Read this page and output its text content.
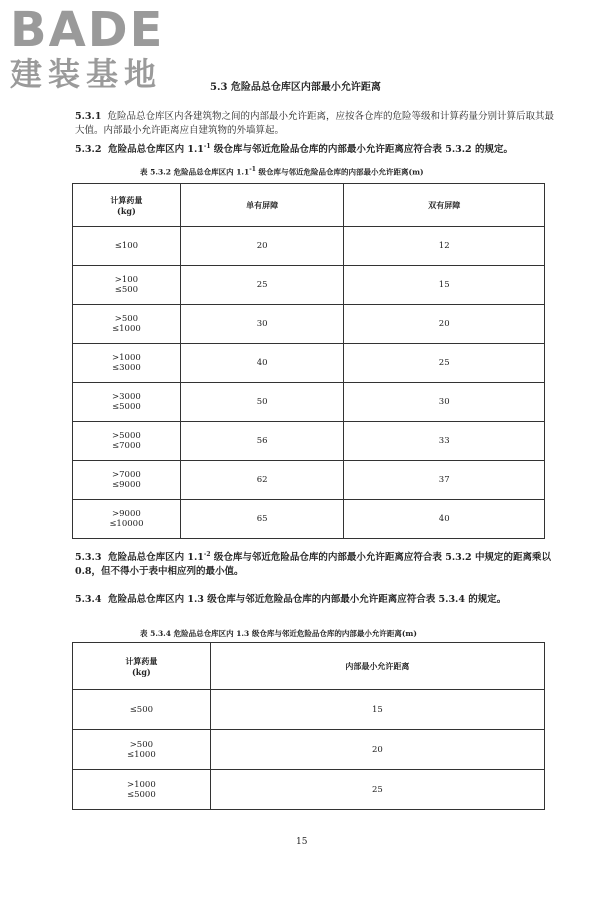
BADE
建装基地	5.3 危险品总仓库区内部最小允许距离
5.3.1 危险品总仓库区内各建筑物之间的内部最小允许距离，应按各仓库的危险等级和计算药量分别计算后取其最大值。内部最小允许距离应自建筑物的外墙算起。
5.3.2 危险品总仓库区内 $1.1^{-1}$ 级仓库与邻近危险品仓库的内部最小允许距离应符合表 5.3.2 的规定。
表 5.3.2 危险品总仓库区内 $1.1^{-1}$ 级仓库与邻近危险品仓库的内部最小允许距离(m)
计算药量
(kg)	单有屏障	双有屏障
≤100	20	12
>100
≤500	25	15
>500
≤1000	30	20
>1000
≤3000	40	25
>3000
≤5000	50	30
>5000
≤7000	56	33
>7000
≤9000	62	37
>9000
≤10000	65	40
5.3.3 危险品总仓库区内 $1.1^{-2}$ 级仓库与邻近危险品仓库的内部最小允许距离应符合表 5.3.2 中规定的距离乘以 0.8，但不得小于表中相应列的最小值。
5.3.4 危险品总仓库区内 1.3 级仓库与邻近危险品仓库的内部最小允许距离应符合表 5.3.4 的规定。
表 5.3.4 危险品总仓库区内 1.3 级仓库与邻近危险品仓库的内部最小允许距离(m)
计算药量
(kg)	内部最小允许距离
≤500	15
>500
≤1000	20
>1000
≤5000	25
15
